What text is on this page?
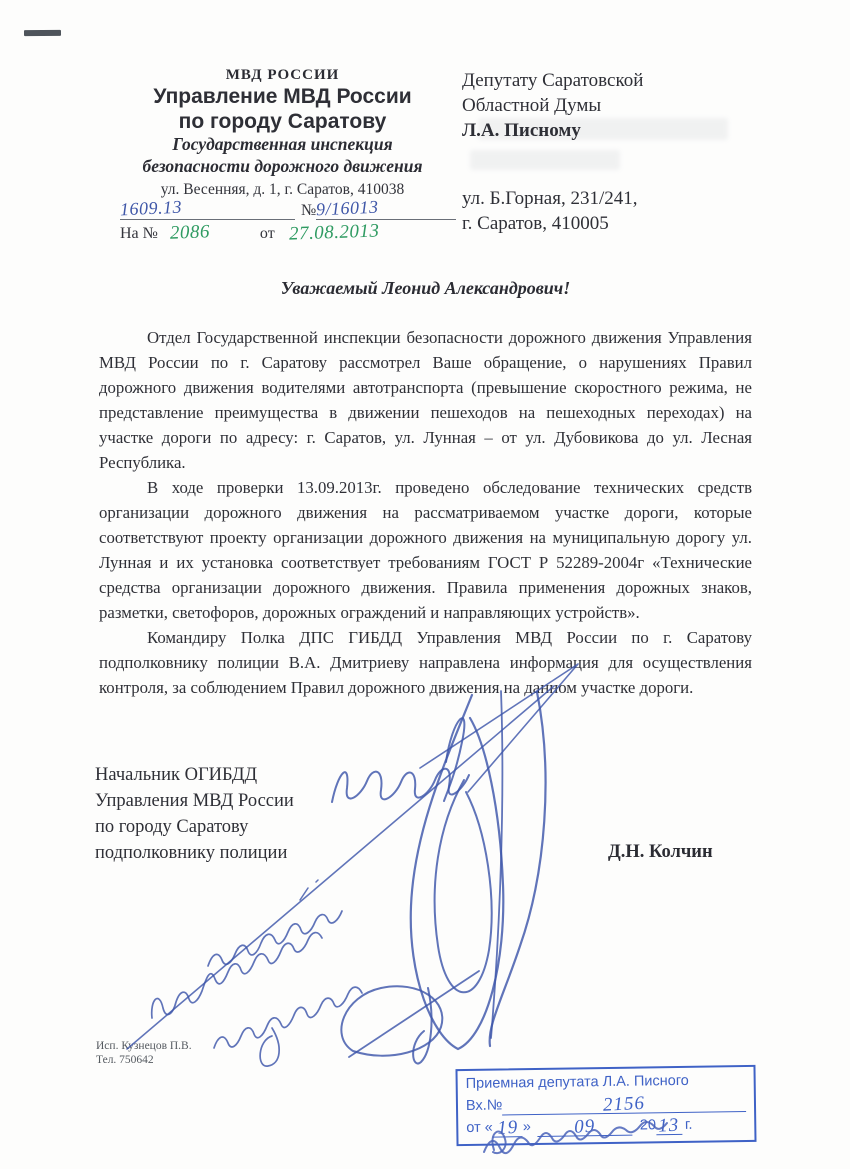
МВД РОССИИ
Управление МВД России
по городу Саратову
Государственная инспекция
безопасности дорожного движения
ул. Весенняя, д. 1, г. Саратов, 410038
1609.13	№9/16013
На № 2086	от 27.08.2013
Депутату Саратовской
Областной Думы
Л.А. Писному
ул. Б.Горная, 231/241,
г. Саратов, 410005
Уважаемый Леонид Александрович!

Отдел Государственной инспекции безопасности дорожного движения Управления МВД России по г. Саратову рассмотрел Ваше обращение, о нарушениях Правил дорожного движения водителями автотранспорта (превышение скоростного режима, не представление преимущества в движении пешеходов на пешеходных переходах) на участке дороги по адресу: г. Саратов, ул. Лунная – от ул. Дубовикова до ул. Лесная Республика.

В ходе проверки 13.09.2013г. проведено обследование технических средств организации дорожного движения на рассматриваемом участке дороги, которые соответствуют проекту организации дорожного движения на муниципальную дорогу ул. Лунная и их установка соответствует требованиям ГОСТ Р 52289-2004г «Технические средства организации дорожного движения. Правила применения дорожных знаков, разметки, светофоров, дорожных ограждений и направляющих устройств».

Командиру Полка ДПС ГИБДД Управления МВД России по г. Саратову подполковнику полиции В.А. Дмитриеву направлена информация для осуществления контроля, за соблюдением Правил дорожного движения на данном участке дороги.

Начальник ОГИБДД
Управления МВД России
по городу Саратову
подполковнику полиции	Д.Н. Колчин
Исп. Кузнецов П.В.
Тел. 750642
Приемная депутата Л.А. Писного
Вх.№	2156
от « 19 »	09	20 13 г.
